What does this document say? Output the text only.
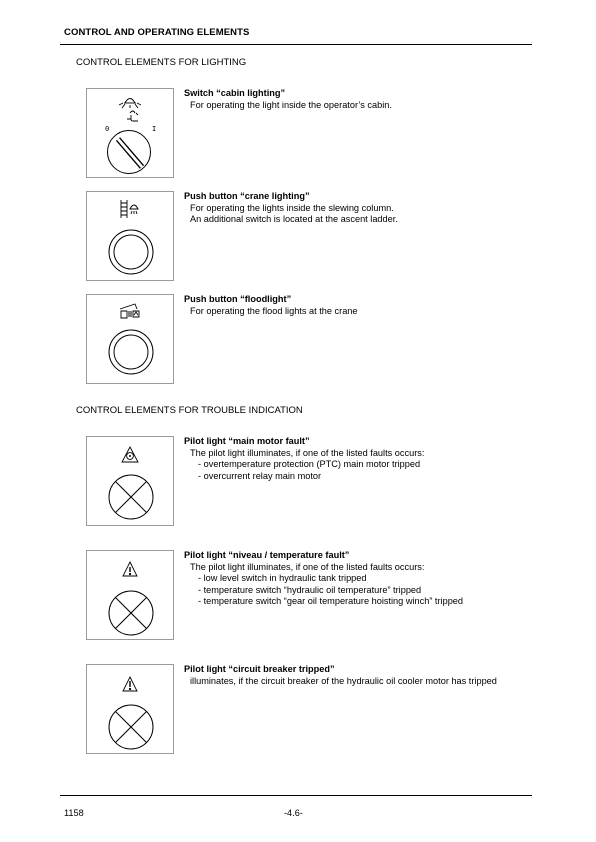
CONTROL AND OPERATING ELEMENTS
CONTROL ELEMENTS FOR LIGHTING
0	I
Switch “cabin lighting”
For operating the light inside the operator’s cabin.
Push button “crane lighting”
For operating the lights inside the slewing column.
An additional switch is located at the ascent ladder.
Push button “floodlight”
For operating the flood lights at the crane
CONTROL ELEMENTS FOR TROUBLE INDICATION
Pilot light “main motor fault”
The pilot light illuminates, if one of the listed faults occurs:
- overtemperature protection (PTC) main motor tripped
- overcurrent relay main motor
Pilot light “niveau / temperature fault”
The pilot light illuminates, if one of the listed faults occurs:
- low level switch in hydraulic tank tripped
- temperature switch “hydraulic oil temperature” tripped
- temperature switch “gear oil temperature hoisting winch” tripped
Pilot light “circuit breaker tripped”
illuminates, if the circuit breaker of the hydraulic oil cooler motor has tripped
1158	-4.6-
